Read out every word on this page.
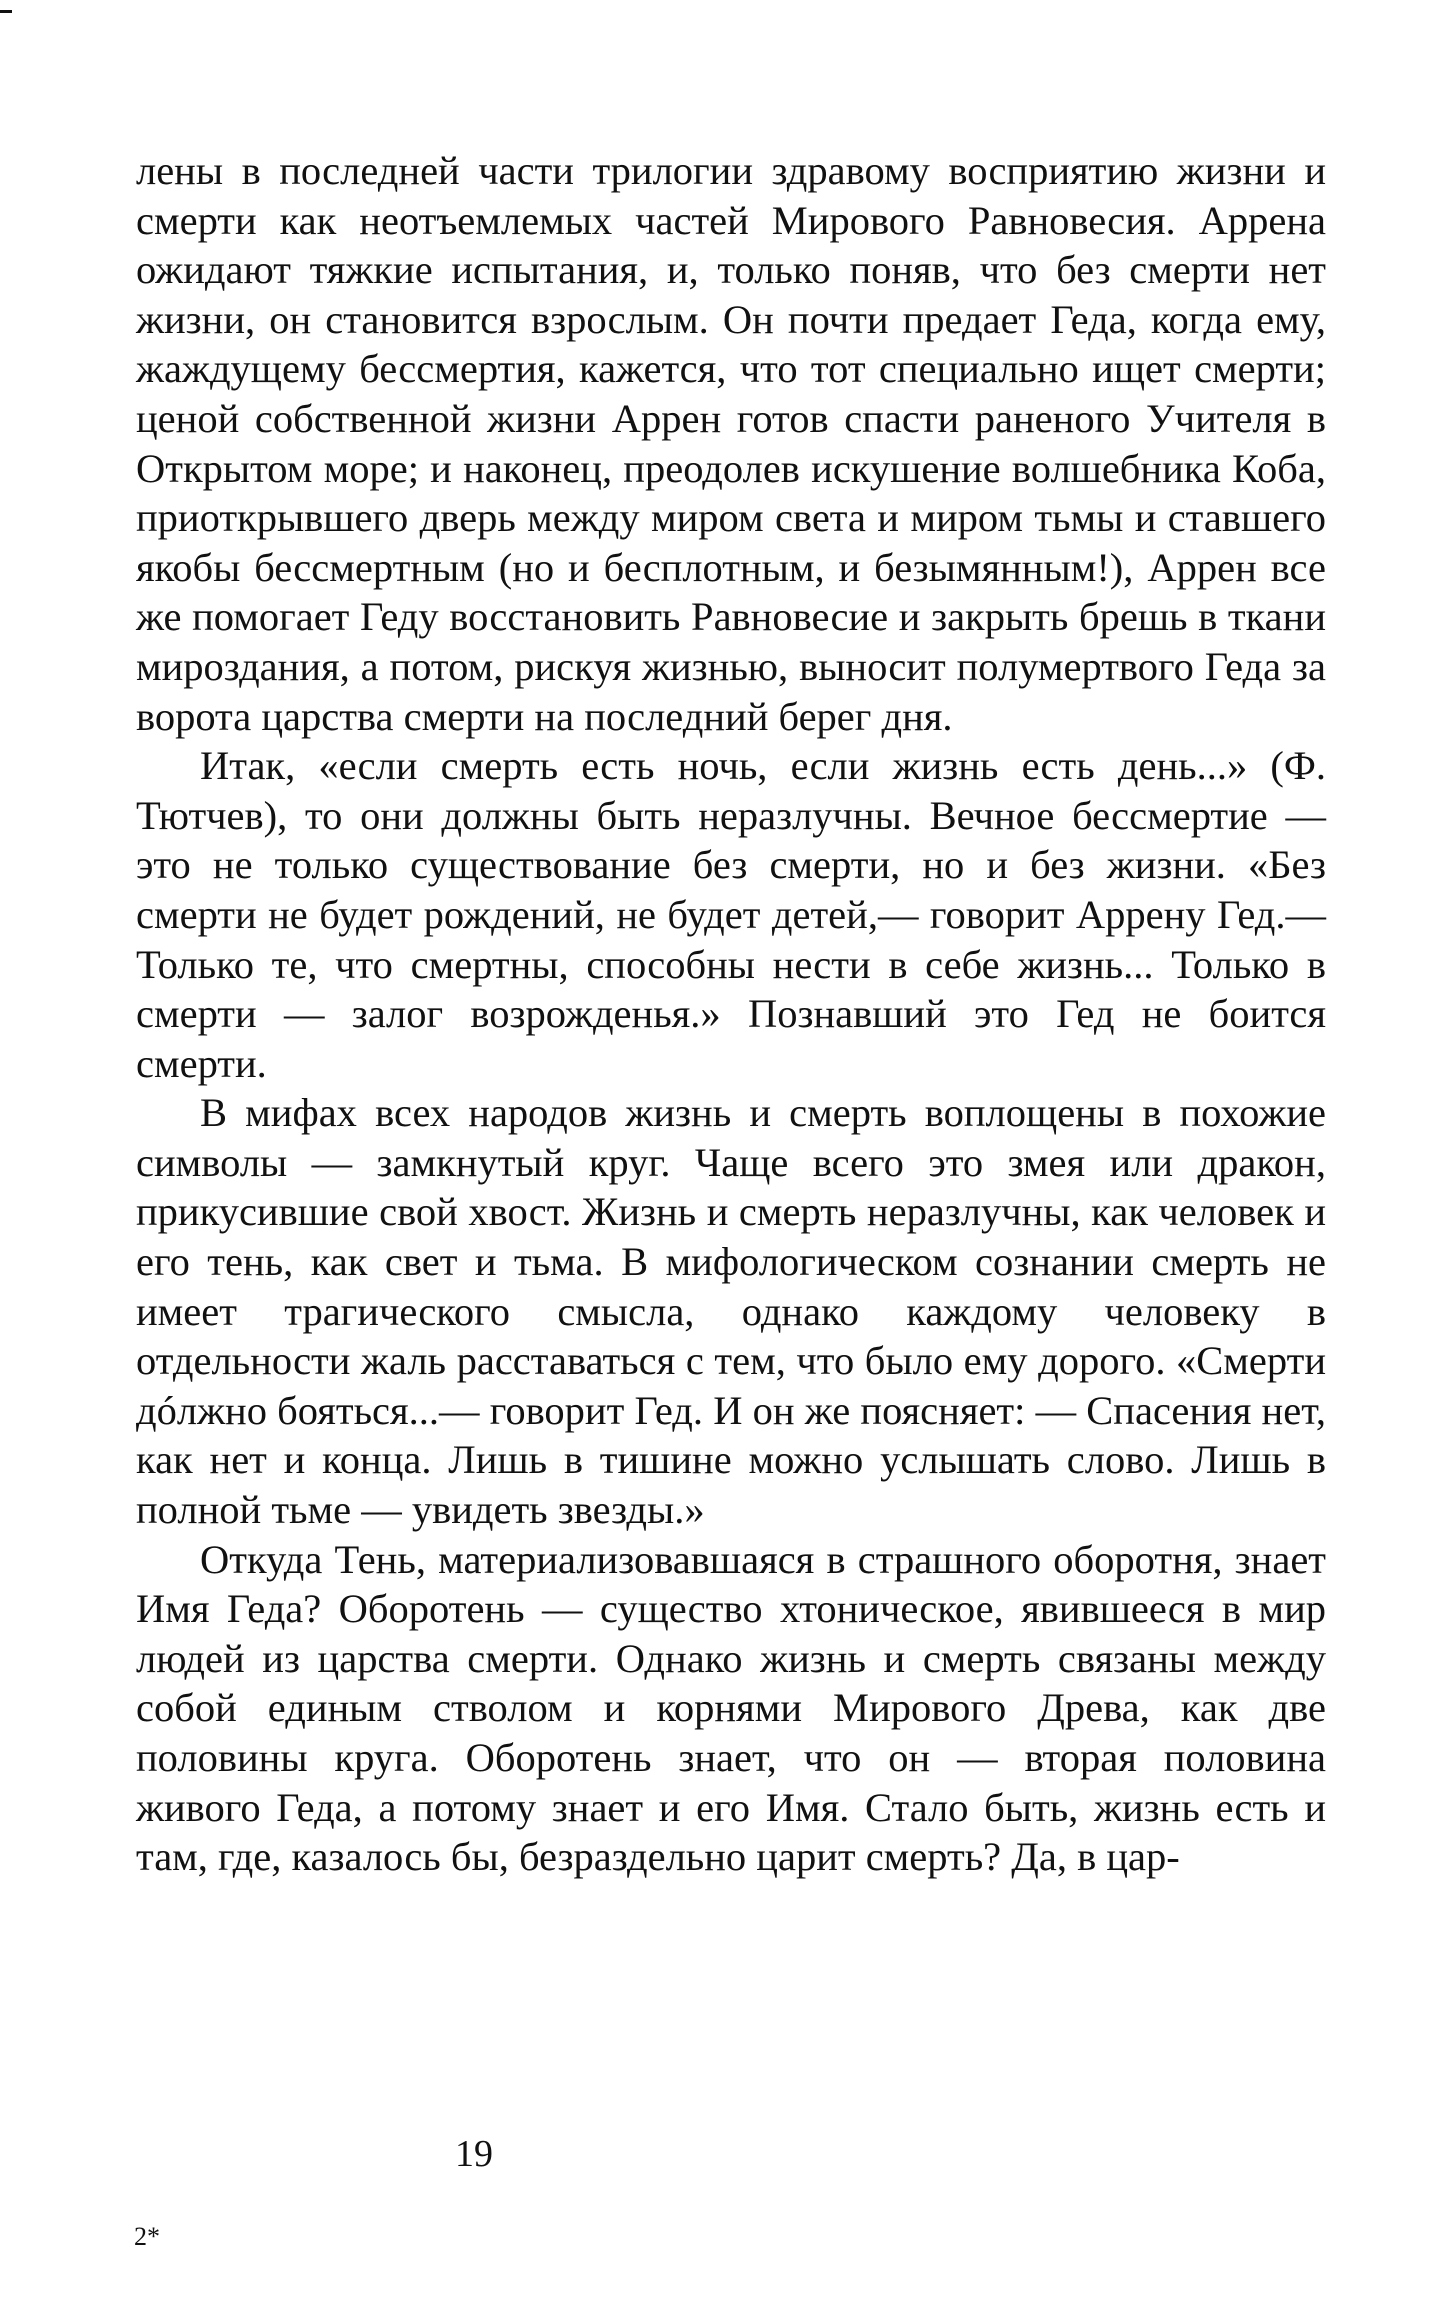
лены в последней части трилогии здравому восприятию жизни и смерти как неотъемлемых частей Мирового Равновесия. Аррена ожидают тяжкие испытания, и, только поняв, что без смерти нет жизни, он становится взрослым. Он почти предает Геда, когда ему, жаждущему бессмертия, кажется, что тот специально ищет смерти; ценой собственной жизни Аррен готов спасти раненого Учителя в Открытом море; и наконец, преодолев искушение волшебника Коба, приоткрывшего дверь между миром света и миром тьмы и ставшего якобы бессмертным (но и бесплотным, и безымянным!), Аррен все же помогает Геду восстановить Равновесие и закрыть брешь в ткани мироздания, а потом, рискуя жизнью, выносит полумертвого Геда за ворота царства смерти на последний берег дня.

Итак, «если смерть есть ночь, если жизнь есть день...» (Ф. Тютчев), то они должны быть неразлучны. Вечное бессмертие — это не только существование без смерти, но и без жизни. «Без смерти не будет рождений, не будет детей,— говорит Аррену Гед.— Только те, что смертны, способны нести в себе жизнь... Только в смерти — залог возрожденья.» Познавший это Гед не боится смерти.

В мифах всех народов жизнь и смерть воплощены в похожие символы — замкнутый круг. Чаще всего это змея или дракон, прикусившие свой хвост. Жизнь и смерть неразлучны, как человек и его тень, как свет и тьма. В мифологическом сознании смерть не имеет трагического смысла, однако каждому человеку в отдельности жаль расставаться с тем, что было ему дорого. «Смерти дóлжно бояться...— говорит Гед. И он же поясняет: — Спасения нет, как нет и конца. Лишь в тишине можно услышать слово. Лишь в полной тьме — увидеть звезды.»

Откуда Тень, материализовавшаяся в страшного оборотня, знает Имя Геда? Оборотень — существо хтоническое, явившееся в мир людей из царства смерти. Однако жизнь и смерть связаны между собой единым стволом и корнями Мирового Древа, как две половины круга. Оборотень знает, что он — вторая половина живого Геда, а потому знает и его Имя. Стало быть, жизнь есть и там, где, казалось бы, безраздельно царит смерть? Да, в цар-

19
2*
